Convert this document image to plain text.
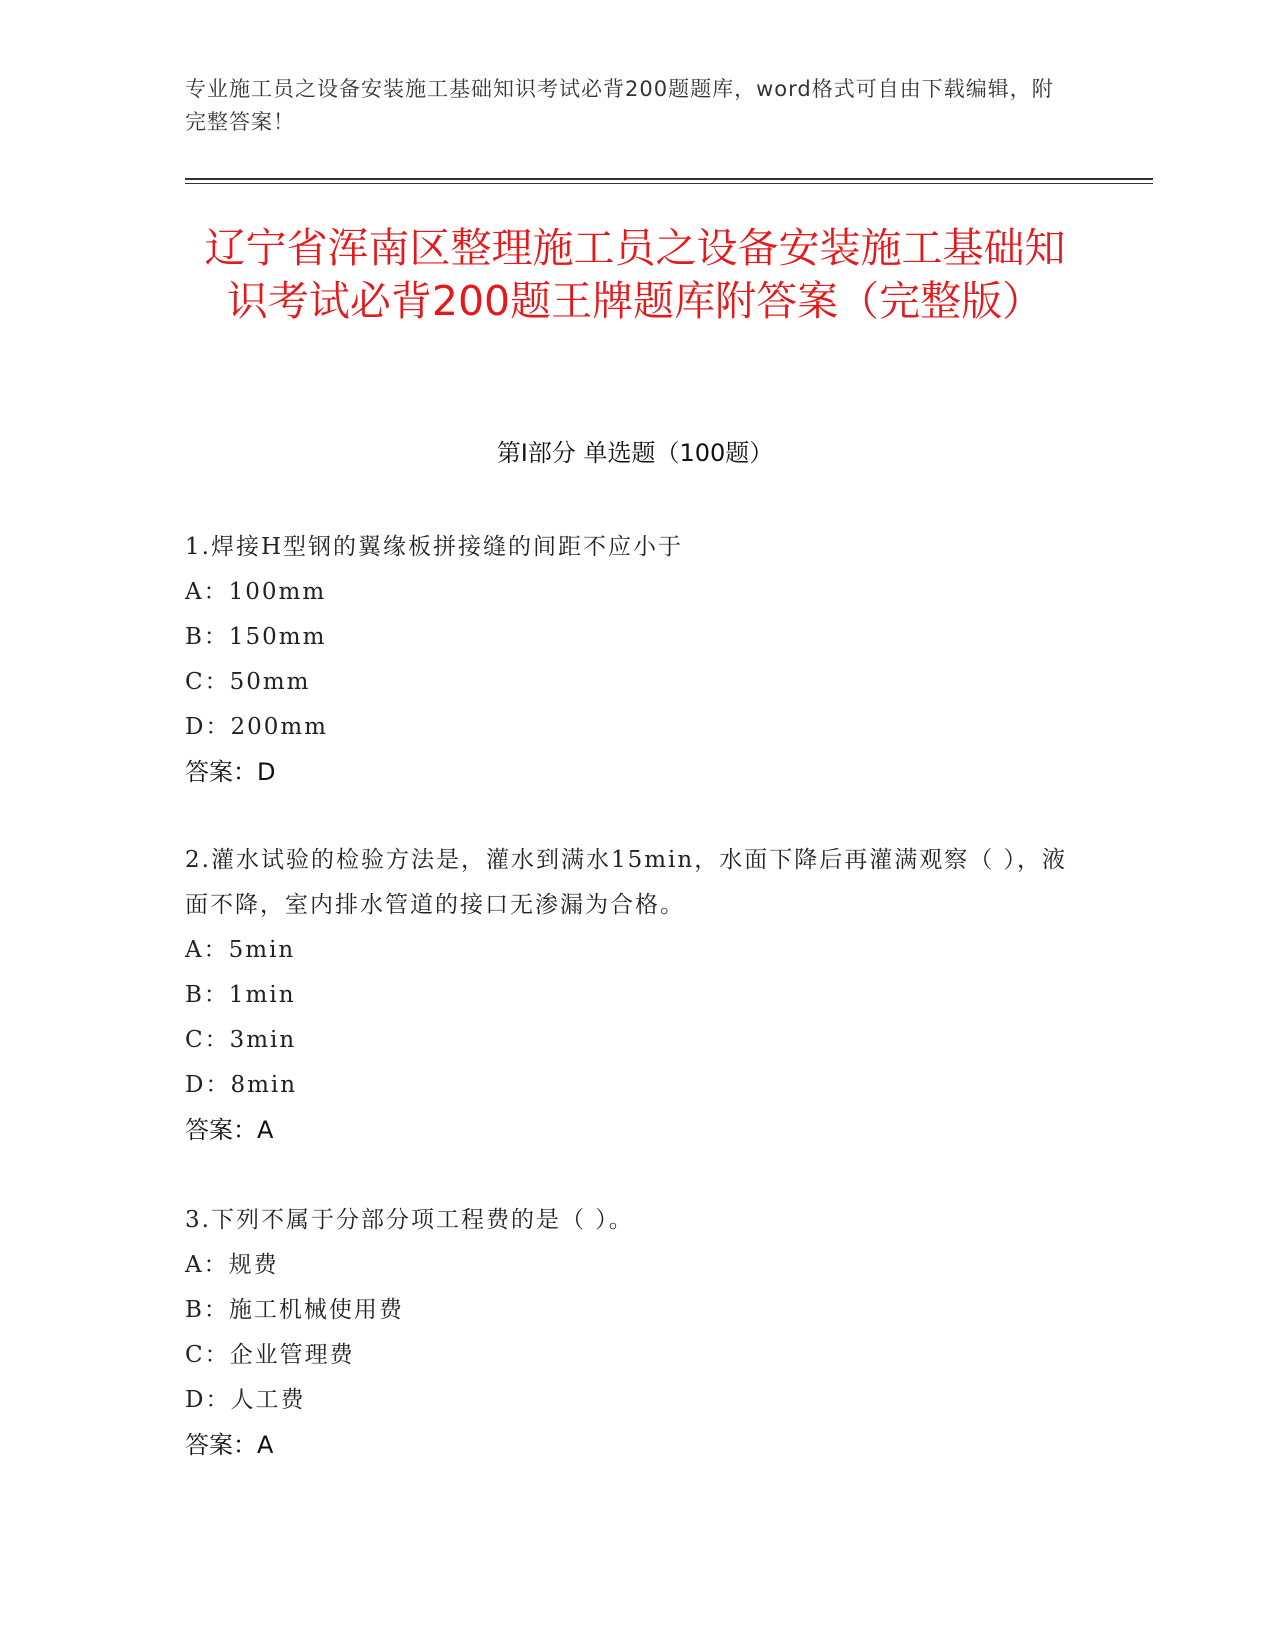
专业施工员之设备安装施工基础知识考试必背200题题库，word格式可自由下载编辑，附完整答案！
辽宁省浑南区整理施工员之设备安装施工基础知识考试必背200题王牌题库附答案（完整版）
第Ⅰ部分 单选题（100题）

1.焊接H型钢的翼缘板拼接缝的间距不应小于

A： 100mm

B： 150mm

C： 50mm

D： 200mm

答案：D

2.灌水试验的检验方法是，灌水到满水15min，水面下降后再灌满观察（ ），液面不降，室内排水管道的接口无渗漏为合格。

A： 5min

B： 1min

C： 3min

D： 8min

答案：A

3.下列不属于分部分项工程费的是（ ）。

A： 规费

B： 施工机械使用费

C： 企业管理费

D： 人工费

答案：A
